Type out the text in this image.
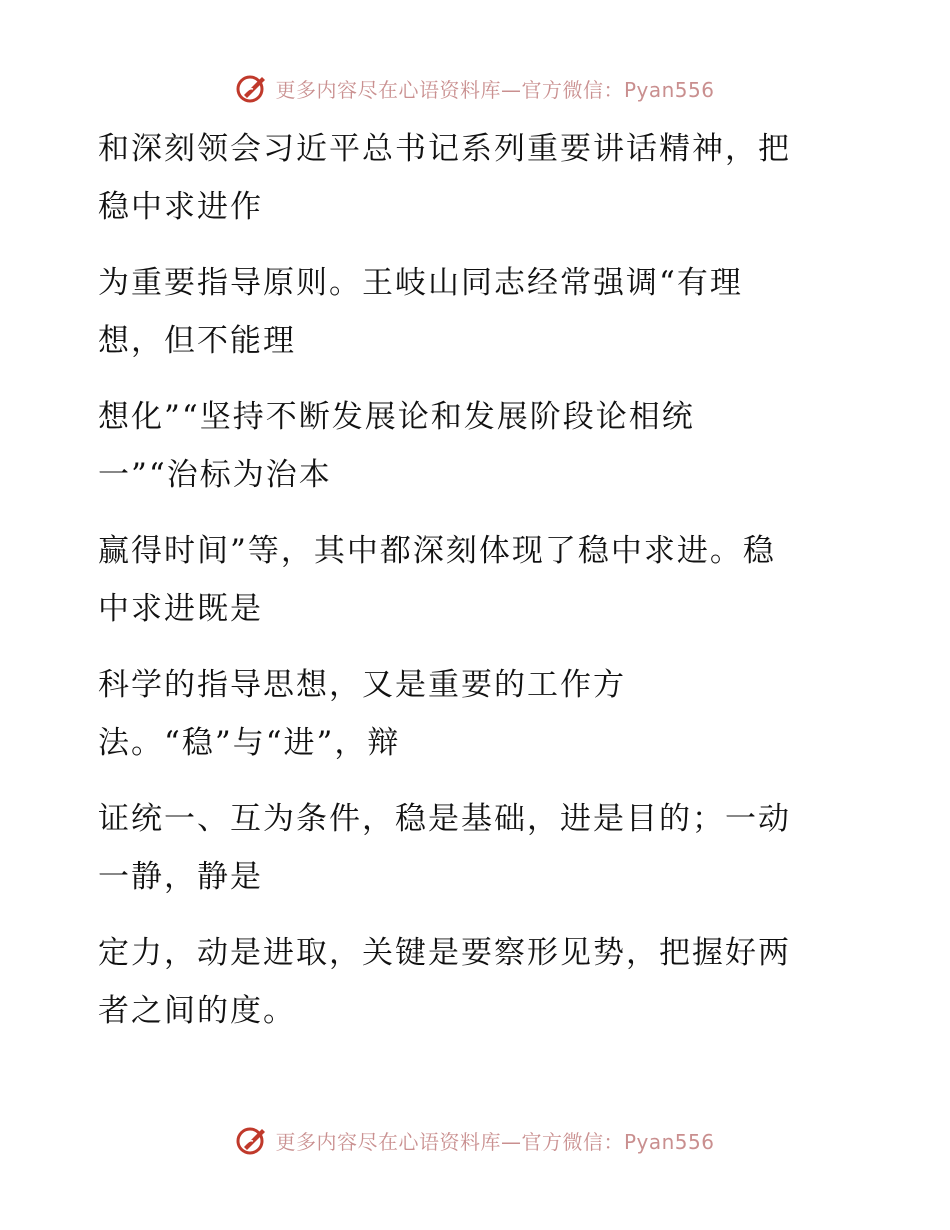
更多内容尽在心语资料库—官方微信：Pyan556
和深刻领会习近平总书记系列重要讲话精神，把
稳中求进作
为重要指导原则。王岐山同志经常强调“有理
想，但不能理
想化”“坚持不断发展论和发展阶段论相统
一”“治标为治本
赢得时间”等，其中都深刻体现了稳中求进。稳
中求进既是
科学的指导思想，又是重要的工作方
法。“稳”与“进”，辩
证统一、互为条件，稳是基础，进是目的；一动
一静，静是
定力，动是进取，关键是要察形见势，把握好两
者之间的度。
更多内容尽在心语资料库—官方微信：Pyan556
